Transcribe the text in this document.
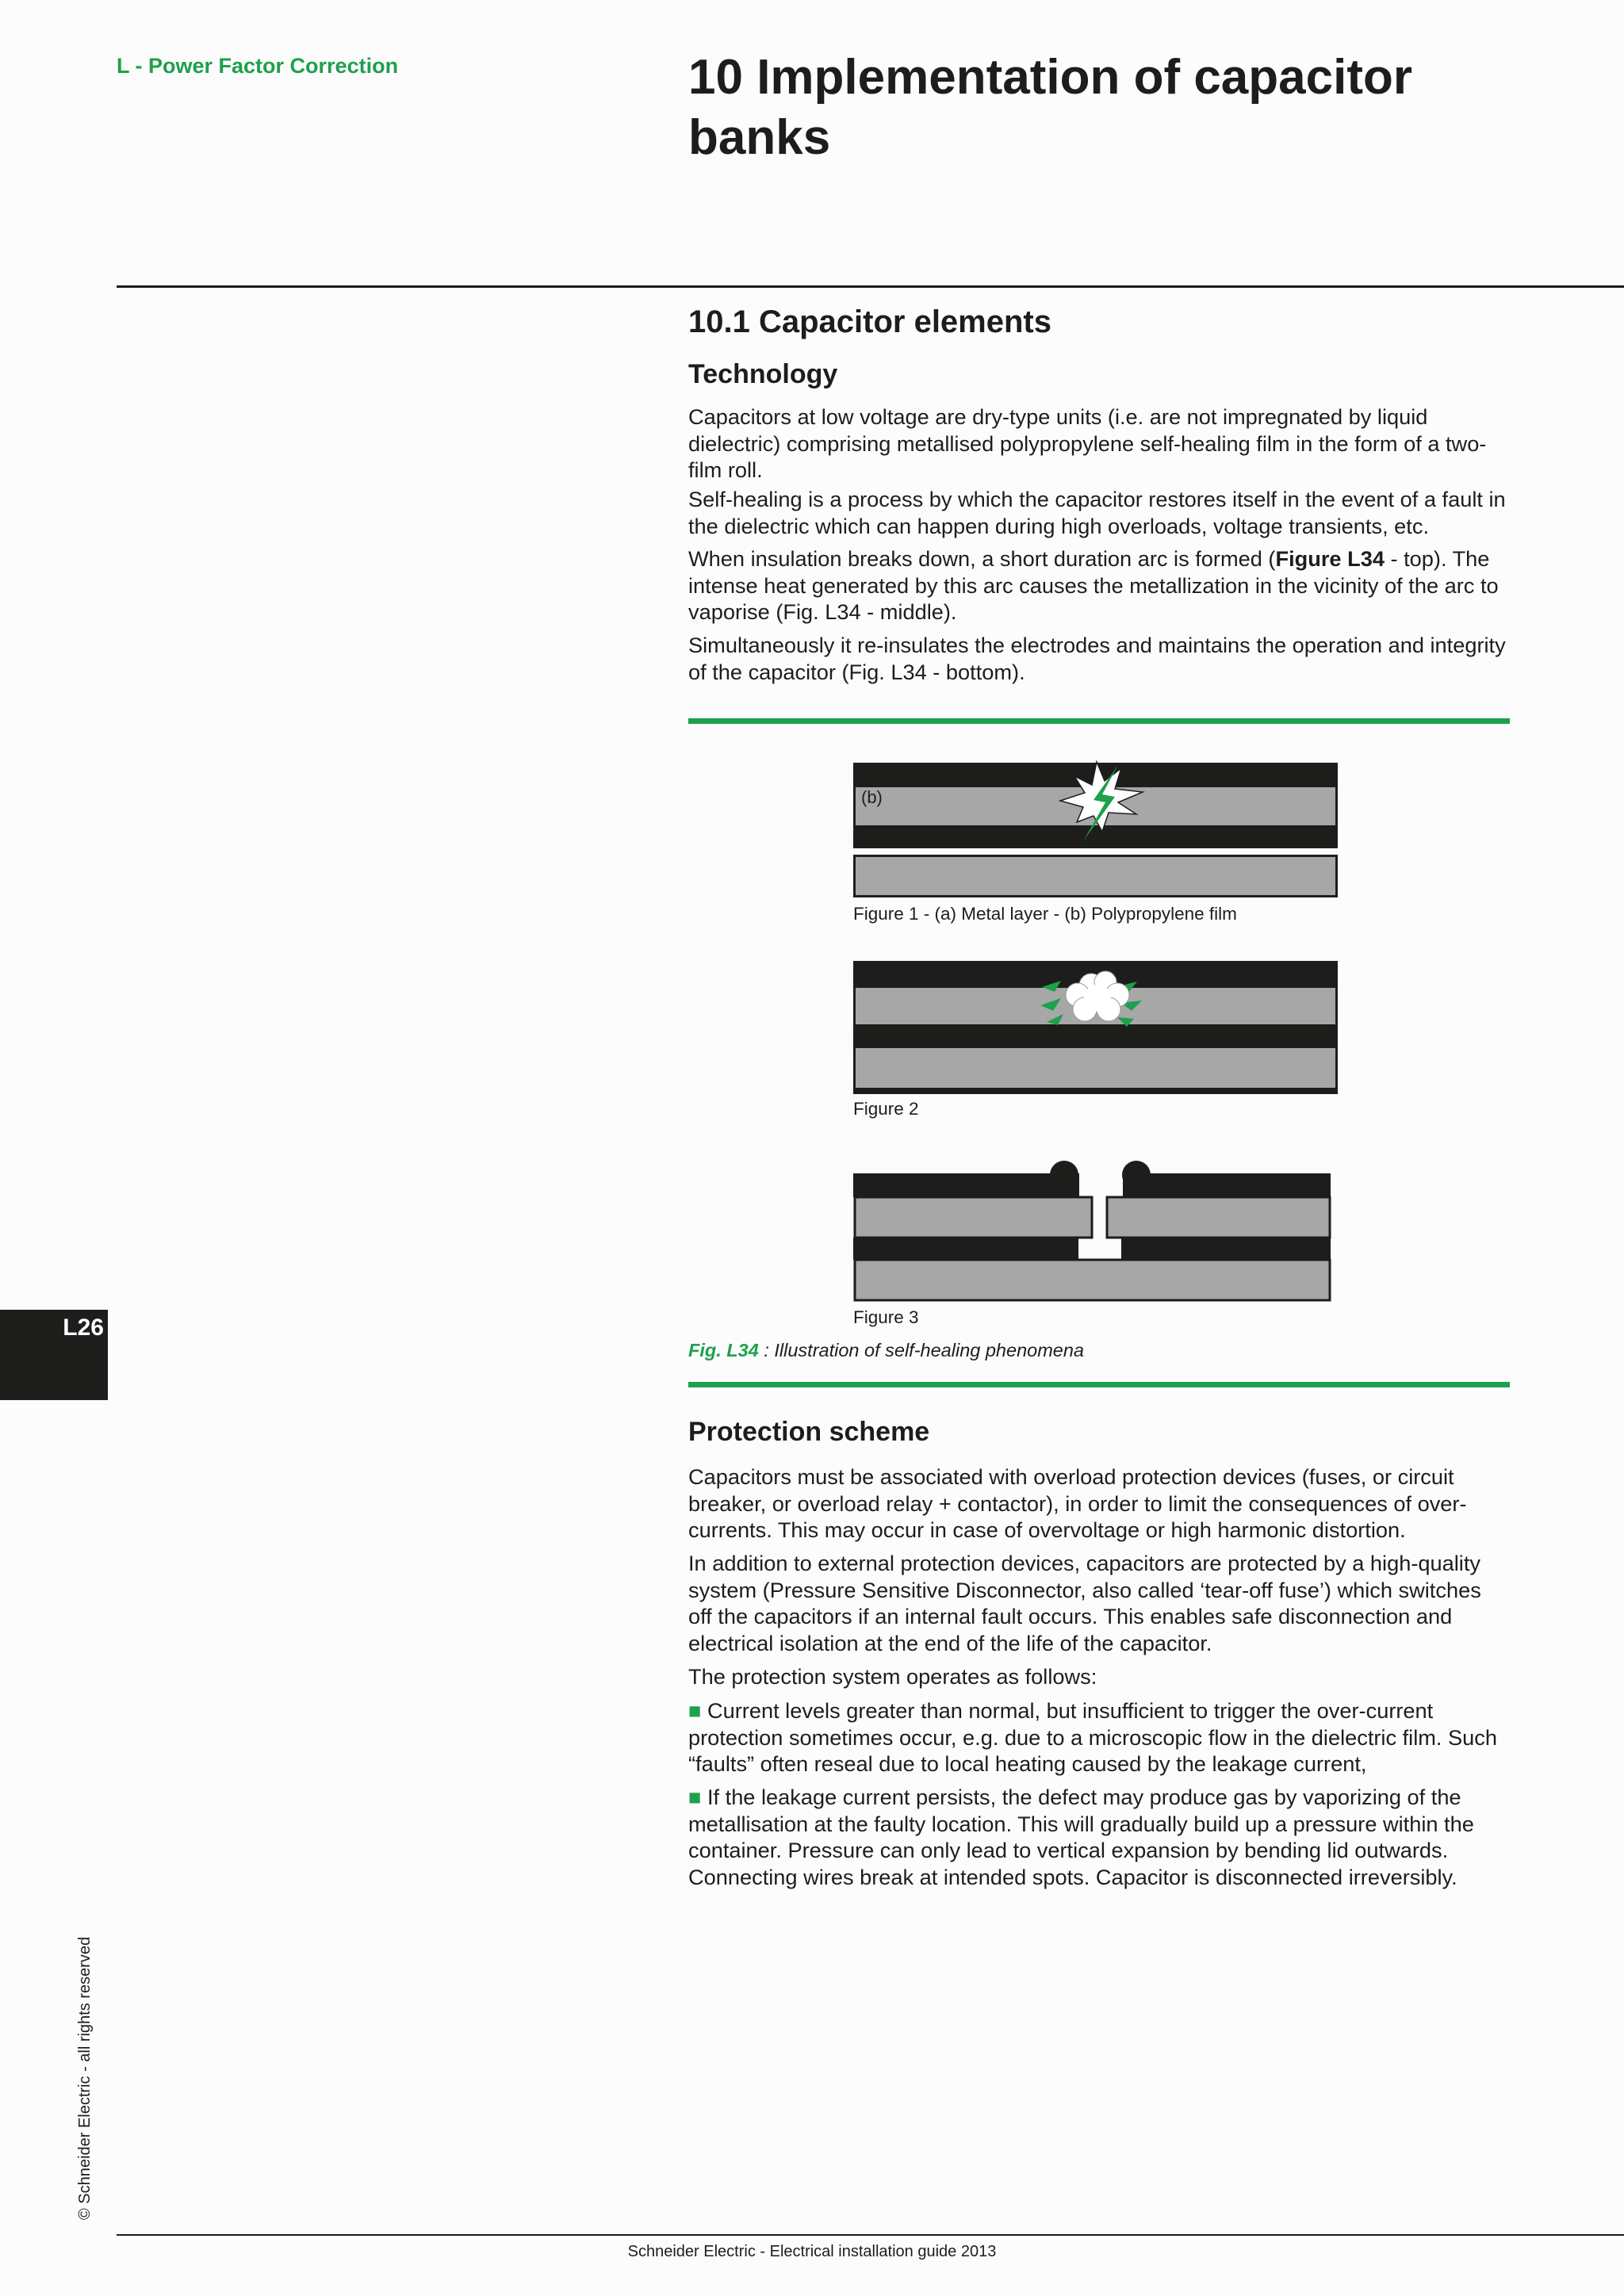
L - Power Factor Correction	10 Implementation of capacitor banks
10.1 Capacitor elements
Technology

Capacitors at low voltage are dry-type units (i.e. are not impregnated by liquid dielectric) comprising metallised polypropylene self-healing film in the form of a two-film roll.

Self-healing is a process by which the capacitor restores itself in the event of a fault in the dielectric which can happen during high overloads, voltage transients, etc.

When insulation breaks down, a short duration arc is formed (Figure L34 - top). The intense heat generated by this arc causes the metallization in the vicinity of the arc to vaporise (Fig. L34 - middle).

Simultaneously it re-insulates the electrodes and maintains the operation and integrity of the capacitor (Fig. L34 - bottom).

(b)
Figure 1 - (a) Metal layer - (b) Polypropylene film
Figure 2
Figure 3
Fig. L34 : Illustration of self-healing phenomena
Protection scheme

Capacitors must be associated with overload protection devices (fuses, or circuit breaker, or overload relay + contactor), in order to limit the consequences of over-currents. This may occur in case of overvoltage or high harmonic distortion.

In addition to external protection devices, capacitors are protected by a high-quality system (Pressure Sensitive Disconnector, also called ‘tear-off fuse’) which switches off the capacitors if an internal fault occurs. This enables safe disconnection and electrical isolation at the end of the life of the capacitor.

The protection system operates as follows:

■ Current levels greater than normal, but insufficient to trigger the over-current protection sometimes occur, e.g. due to a microscopic flow in the dielectric film. Such “faults” often reseal due to local heating caused by the leakage current,

■ If the leakage current persists, the defect may produce gas by vaporizing of the metallisation at the faulty location. This will gradually build up a pressure within the container. Pressure can only lead to vertical expansion by bending lid outwards. Connecting wires break at intended spots. Capacitor is disconnected irreversibly.

L26
© Schneider Electric - all rights reserved
Schneider Electric - Electrical installation guide 2013
